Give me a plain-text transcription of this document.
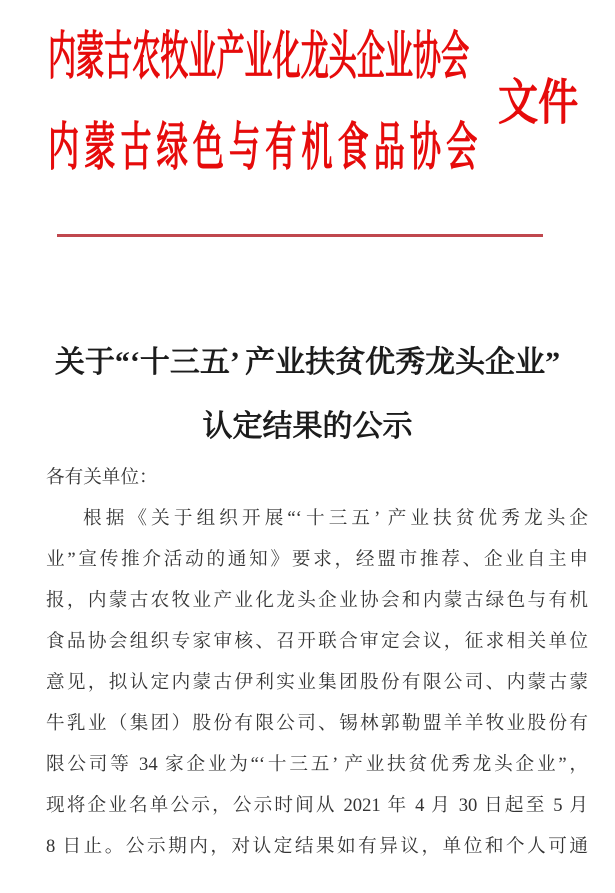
内蒙古农牧业产业化龙头企业协会
内蒙古绿色与有机食品协会
文件
关于“‘十三五’ 产业扶贫优秀龙头企业”
认定结果的公示
各有关单位：
根据《关于组织开展“‘十三五’ 产业扶贫优秀龙头企
业”宣传推介活动的通知》要求，经盟市推荐、企业自主申
报，内蒙古农牧业产业化龙头企业协会和内蒙古绿色与有机
食品协会组织专家审核、召开联合审定会议，征求相关单位
意见，拟认定内蒙古伊利实业集团股份有限公司、内蒙古蒙
牛乳业（集团）股份有限公司、锡林郭勒盟羊羊牧业股份有
限公司等 34 家企业为“‘十三五’ 产业扶贫优秀龙头企业”，
现将企业名单公示，公示时间从 2021 年 4 月 30 日起至 5 月
8 日止。公示期内，对认定结果如有异议，单位和个人可通
